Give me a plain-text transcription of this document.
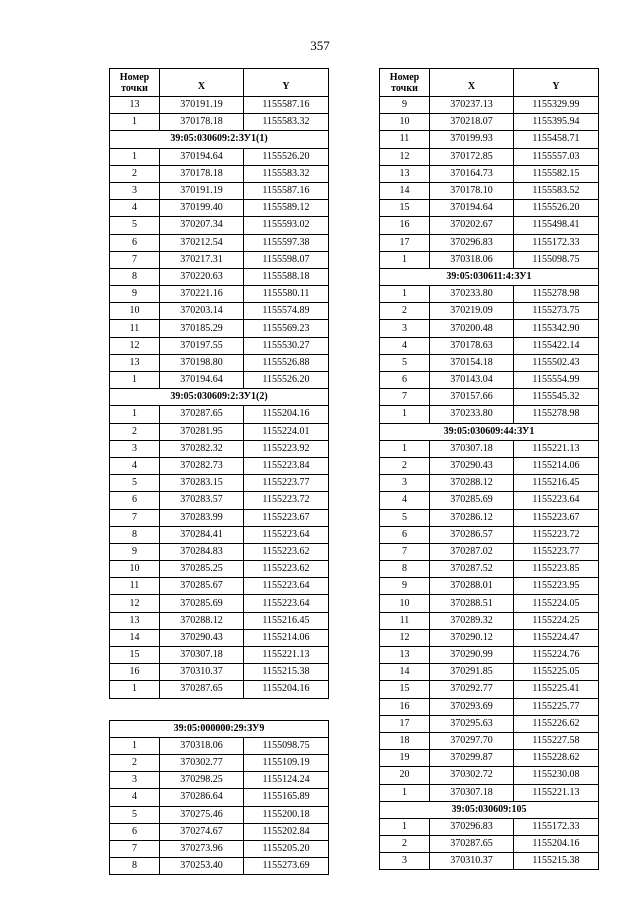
357
Номер
точки	X	Y
13	370191.19	1155587.16
1	370178.18	1155583.32
39:05:030609:2:ЗУ1(1)		
1	370194.64	1155526.20
2	370178.18	1155583.32
3	370191.19	1155587.16
4	370199.40	1155589.12
5	370207.34	1155593.02
6	370212.54	1155597.38
7	370217.31	1155598.07
8	370220.63	1155588.18
9	370221.16	1155580.11
10	370203.14	1155574.89
11	370185.29	1155569.23
12	370197.55	1155530.27
13	370198.80	1155526.88
1	370194.64	1155526.20
39:05:030609:2:ЗУ1(2)		
1	370287.65	1155204.16
2	370281.95	1155224.01
3	370282.32	1155223.92
4	370282.73	1155223.84
5	370283.15	1155223.77
6	370283.57	1155223.72
7	370283.99	1155223.67
8	370284.41	1155223.64
9	370284.83	1155223.62
10	370285.25	1155223.62
11	370285.67	1155223.64
12	370285.69	1155223.64
13	370288.12	1155216.45
14	370290.43	1155214.06
15	370307.18	1155221.13
16	370310.37	1155215.38
1	370287.65	1155204.16
39:05:000000:29:ЗУ9		
1	370318.06	1155098.75
2	370302.77	1155109.19
3	370298.25	1155124.24
4	370286.64	1155165.89
5	370275.46	1155200.18
6	370274.67	1155202.84
7	370273.96	1155205.20
8	370253.40	1155273.69
Номер
точки	X	Y
9	370237.13	1155329.99
10	370218.07	1155395.94
11	370199.93	1155458.71
12	370172.85	1155557.03
13	370164.73	1155582.15
14	370178.10	1155583.52
15	370194.64	1155526.20
16	370202.67	1155498.41
17	370296.83	1155172.33
1	370318.06	1155098.75
39:05:030611:4:ЗУ1		
1	370233.80	1155278.98
2	370219.09	1155273.75
3	370200.48	1155342.90
4	370178.63	1155422.14
5	370154.18	1155502.43
6	370143.04	1155554.99
7	370157.66	1155545.32
1	370233.80	1155278.98
39:05:030609:44:ЗУ1		
1	370307.18	1155221.13
2	370290.43	1155214.06
3	370288.12	1155216.45
4	370285.69	1155223.64
5	370286.12	1155223.67
6	370286.57	1155223.72
7	370287.02	1155223.77
8	370287.52	1155223.85
9	370288.01	1155223.95
10	370288.51	1155224.05
11	370289.32	1155224.25
12	370290.12	1155224.47
13	370290.99	1155224.76
14	370291.85	1155225.05
15	370292.77	1155225.41
16	370293.69	1155225.77
17	370295.63	1155226.62
18	370297.70	1155227.58
19	370299.87	1155228.62
20	370302.72	1155230.08
1	370307.18	1155221.13
39:05:030609:105		
1	370296.83	1155172.33
2	370287.65	1155204.16
3	370310.37	1155215.38
